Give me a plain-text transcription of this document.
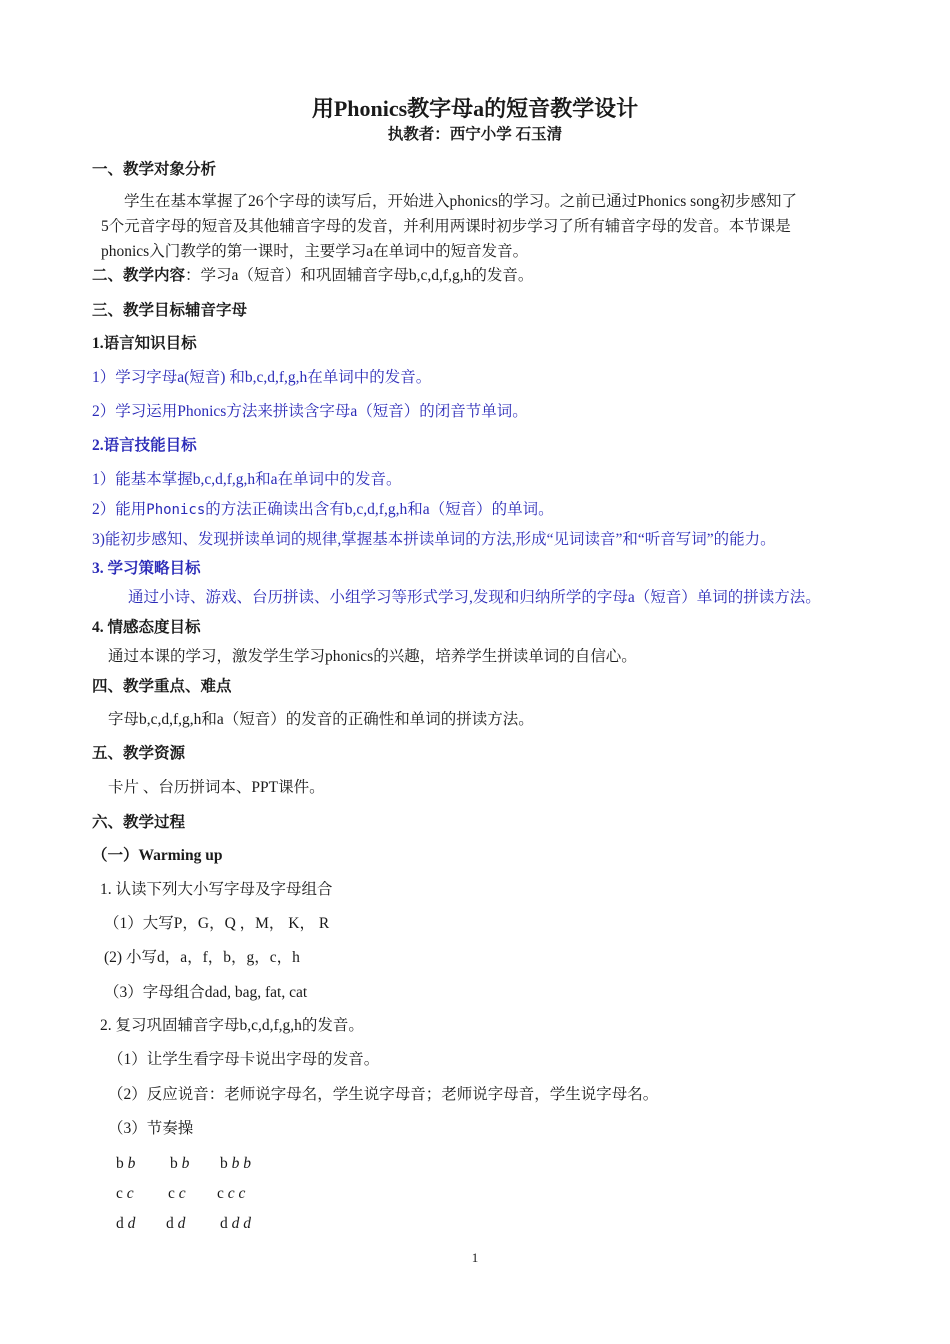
用Phonics教字母a的短音教学设计
执教者：西宁小学 石玉清
一、教学对象分析
学生在基本掌握了26个字母的读写后，开始进入phonics的学习。之前已通过Phonics song初步感知了
5个元音字母的短音及其他辅音字母的发音，并利用两课时初步学习了所有辅音字母的发音。本节课是
phonics入门教学的第一课时，主要学习a在单词中的短音发音。
二、教学内容：学习a（短音）和巩固辅音字母b,c,d,f,g,h的发音。
三、教学目标辅音字母
1.语言知识目标
1）学习字母a(短音) 和b,c,d,f,g,h在单词中的发音。
2）学习运用Phonics方法来拼读含字母a（短音）的闭音节单词。
2.语言技能目标
1）能基本掌握b,c,d,f,g,h和a在单词中的发音。
2）能用Phonics的方法正确读出含有b,c,d,f,g,h和a（短音）的单词。
3)能初步感知、发现拼读单词的规律,掌握基本拼读单词的方法,形成“见词读音”和“听音写词”的能力。
3. 学习策略目标
通过小诗、游戏、台历拼读、小组学习等形式学习,发现和归纳所学的字母a（短音）单词的拼读方法。
4. 情感态度目标
通过本课的学习，激发学生学习phonics的兴趣，培养学生拼读单词的自信心。
四、教学重点、难点
字母b,c,d,f,g,h和a（短音）的发音的正确性和单词的拼读方法。
五、教学资源
卡片 、台历拼词本、PPT课件。
六、教学过程
（一）Warming up
1. 认读下列大小写字母及字母组合
（1）大写P，G，Q ，M， K， R
(2) 小写d，a，f，b，g，c，h
（3）字母组合dad, bag, fat, cat
2. 复习巩固辅音字母b,c,d,f,g,h的发音。
（1）让学生看字母卡说出字母的发音。
（2）反应说音：老师说字母名，学生说字母音；老师说字母音，学生说字母名。
（3）节奏操
b b b b b b b
c c c c c c c
d d d d d d d
1
